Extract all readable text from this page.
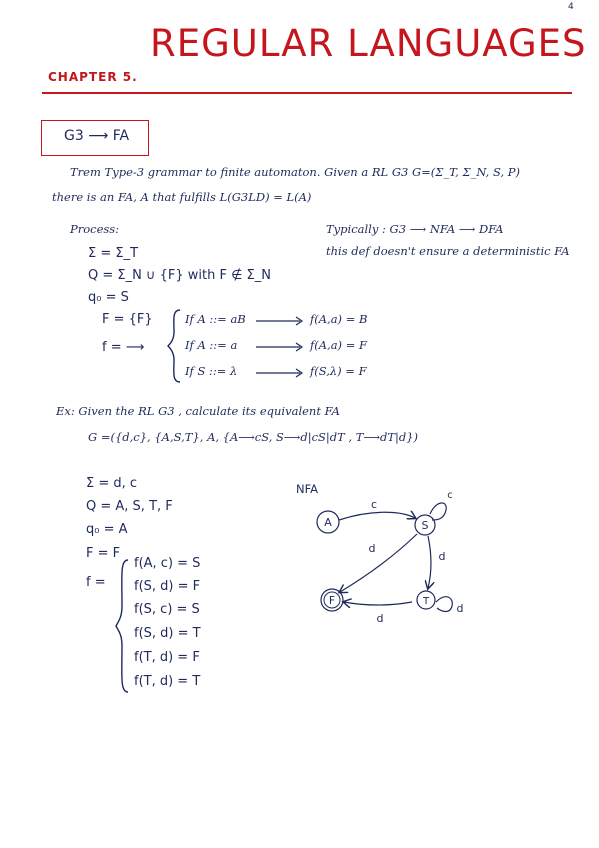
4
CHAPTER 5.
REGULAR LANGUAGES
G3 ⟶ FA
Trem Type-3 grammar to finite automaton. Given a RL G3 G=(Σ_T, Σ_N, S, P)
there is an FA, A that fulfills L(G3LD) = L(A)
Process:	Typically : G3 ⟶ NFA ⟶ DFA
this def doesn't ensure a deterministic FA
Σ = Σ_T
Q = Σ_N ∪ {F} with F ∉ Σ_N
q₀ = S
F = {F}
f = ⟶
If A ::= aB	f(A,a) = B
If A ::= a	f(A,a) = F
If S ::= λ	f(S,λ) = F
Ex: Given the RL G3 , calculate its equivalent FA
G =({d,c}, {A,S,T}, A, {A⟶cS, S⟶d|cS|dT , T⟶dT|d})
Σ = d, c
Q = A, S, T, F
q₀ = A
F = F
f =
f(A, c) = S
f(S, d) = F
f(S, c) = S
f(S, d) = T
f(T, d) = F
f(T, d) = T
NFA
A	S
T
F
c
c
d
d
d
d
